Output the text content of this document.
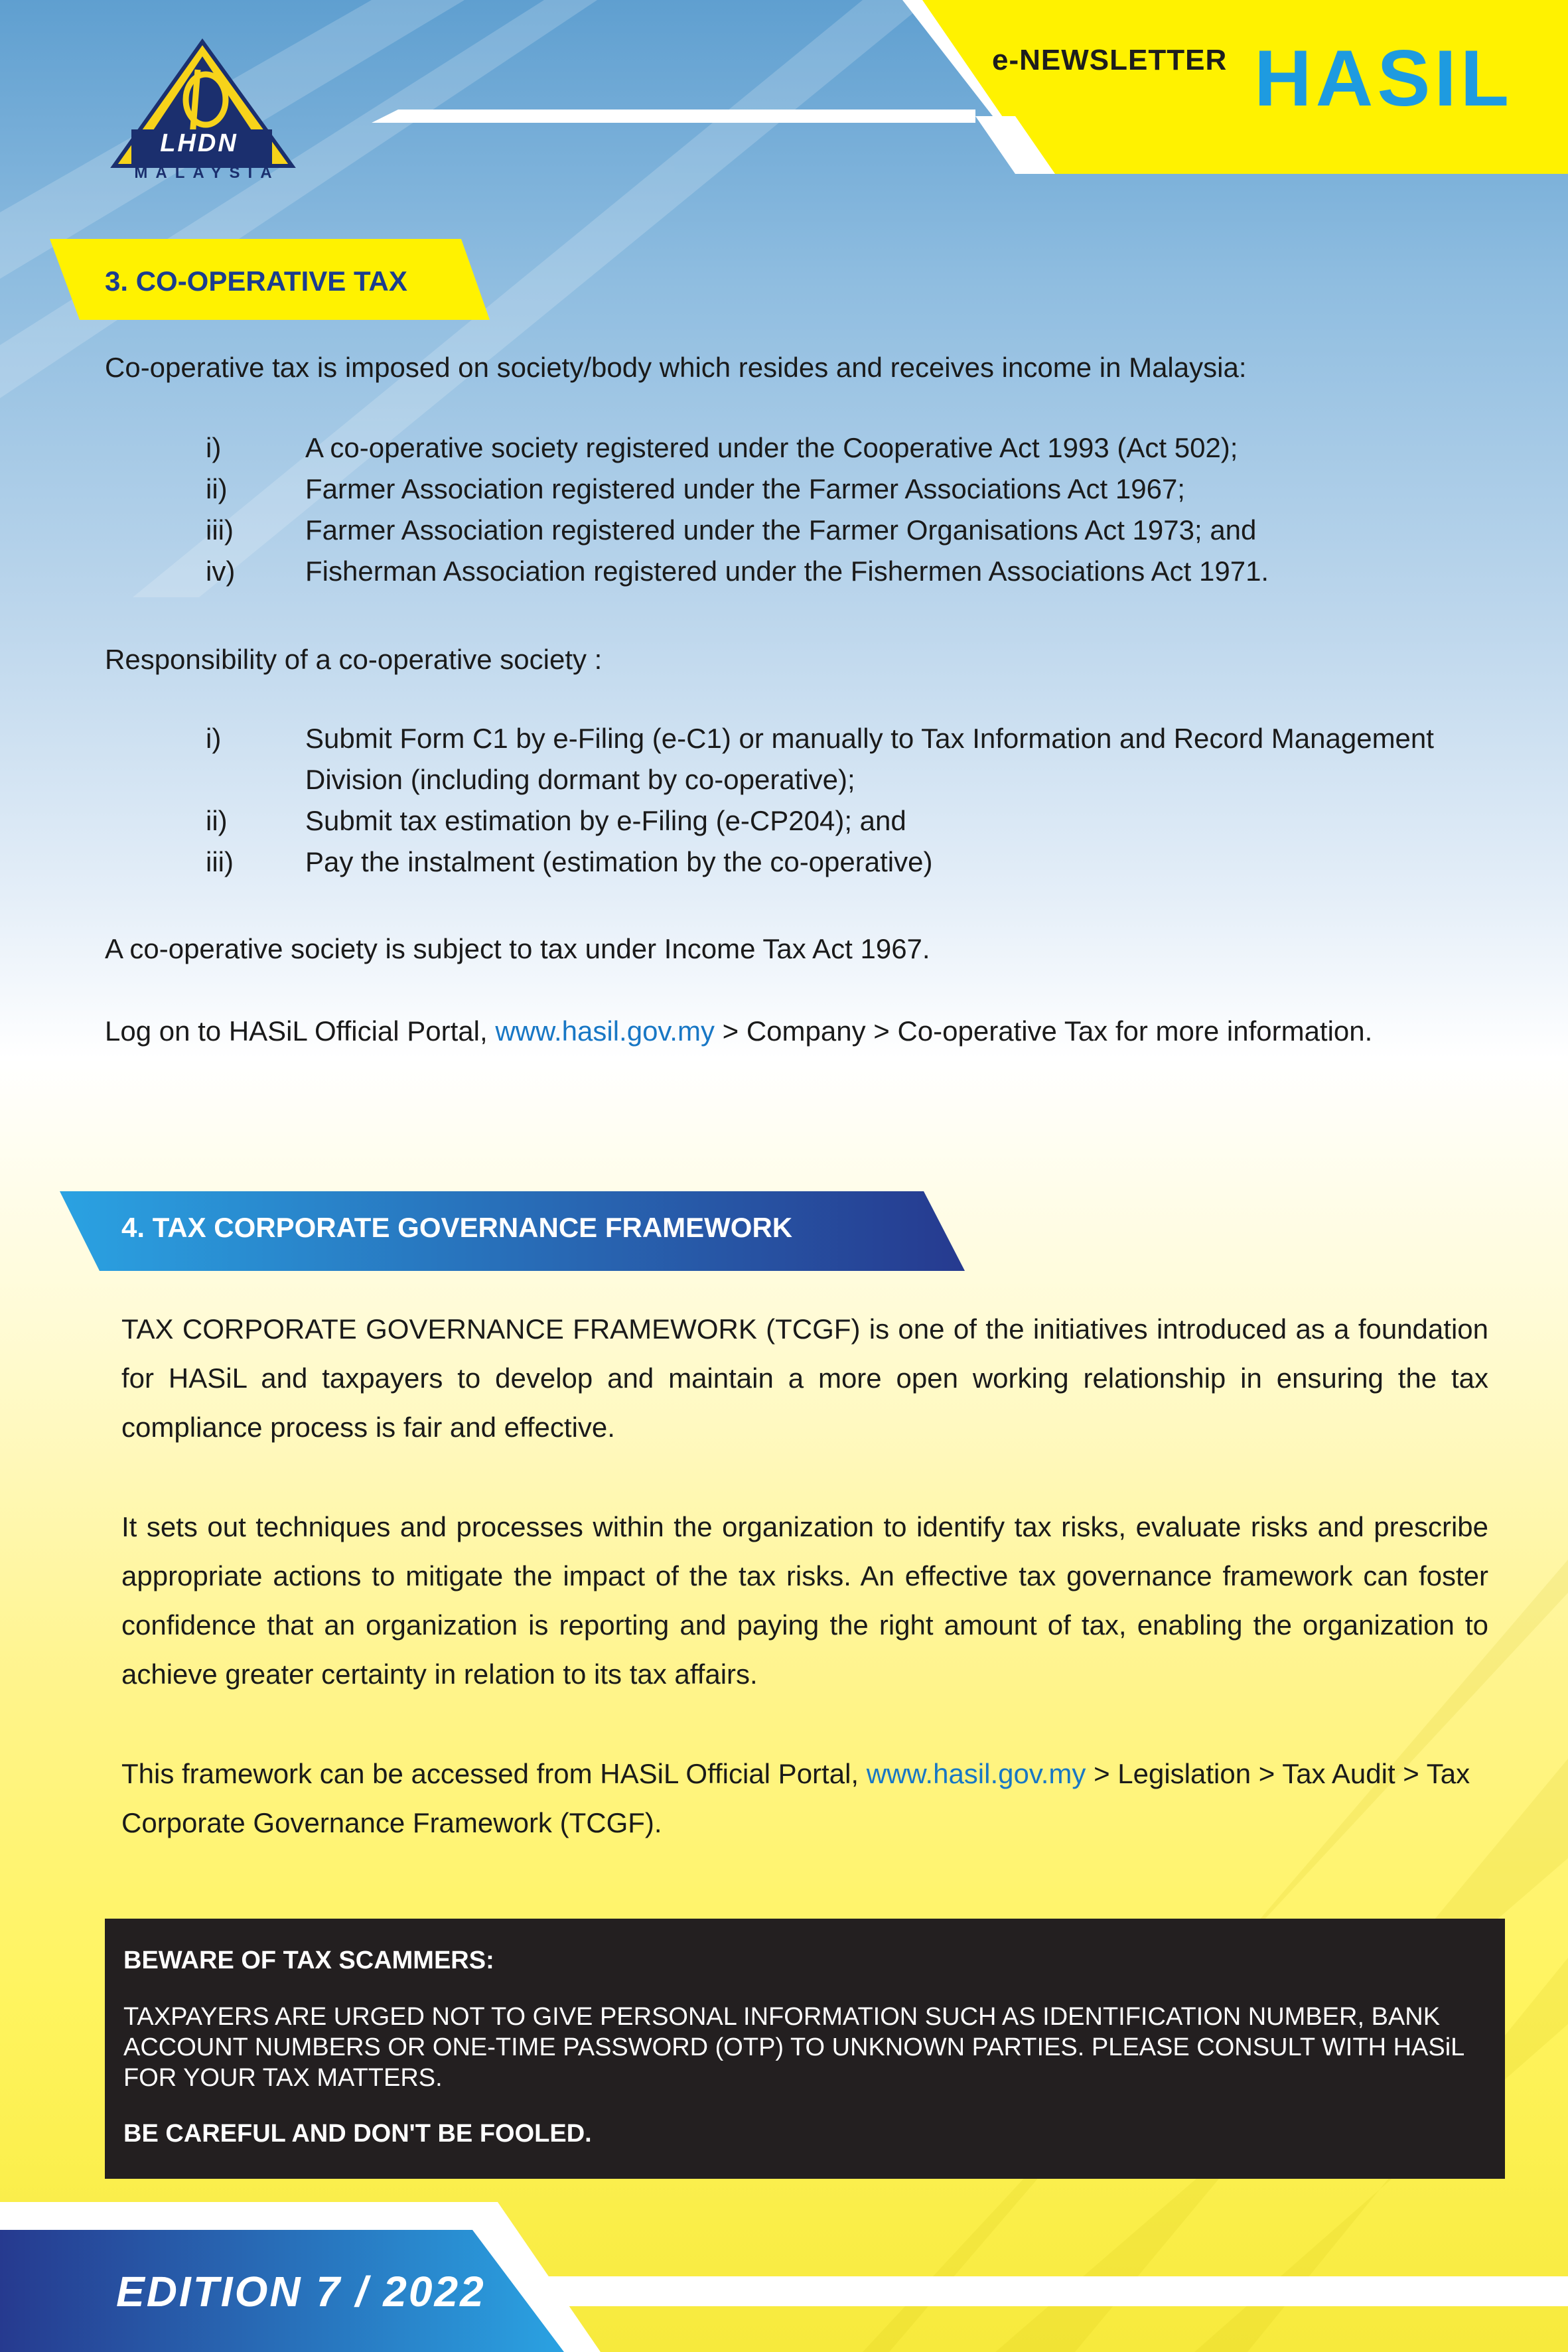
LHDN
MALAYSIA
e-NEWSLETTER HASIL
3. CO-OPERATIVE TAX

Co-operative tax is imposed on society/body which resides and receives income in Malaysia:

i)	A co-operative society registered under the Cooperative Act 1993 (Act 502);
ii)	Farmer Association registered under the Farmer Associations Act 1967;
iii)	Farmer Association registered under the Farmer Organisations Act 1973; and
iv)	Fisherman Association registered under the Fishermen Associations Act 1971.

Responsibility of a co-operative society :

i)	Submit Form C1 by e-Filing (e-C1) or manually to Tax Information and Record Management Division (including dormant by co-operative);
ii)	Submit tax estimation by e-Filing (e-CP204); and
iii)	Pay the instalment (estimation by the co-operative)

A co-operative society is subject to tax under Income Tax Act 1967.

Log on to HASiL Official Portal, www.hasil.gov.my > Company > Co-operative Tax for more information.

4. TAX CORPORATE GOVERNANCE FRAMEWORK

TAX CORPORATE GOVERNANCE FRAMEWORK (TCGF) is one of the initiatives introduced as a foundation for HASiL and taxpayers to develop and maintain a more open working relationship in ensuring the tax compliance process is fair and effective.

It sets out techniques and processes within the organization to identify tax risks, evaluate risks and prescribe appropriate actions to mitigate the impact of the tax risks. An effective tax governance framework can foster confidence that an organization is reporting and paying the right amount of tax, enabling the organization to achieve greater certainty in relation to its tax affairs.

This framework can be accessed from HASiL Official Portal, www.hasil.gov.my > Legislation > Tax Audit > Tax Corporate Governance Framework (TCGF).

BEWARE OF TAX SCAMMERS:

TAXPAYERS ARE URGED NOT TO GIVE PERSONAL INFORMATION SUCH AS IDENTIFICATION NUMBER, BANK ACCOUNT NUMBERS OR ONE-TIME PASSWORD (OTP) TO UNKNOWN PARTIES. PLEASE CONSULT WITH HASiL FOR YOUR TAX MATTERS.

BE CAREFUL AND DON'T BE FOOLED.

EDITION 7 / 2022
